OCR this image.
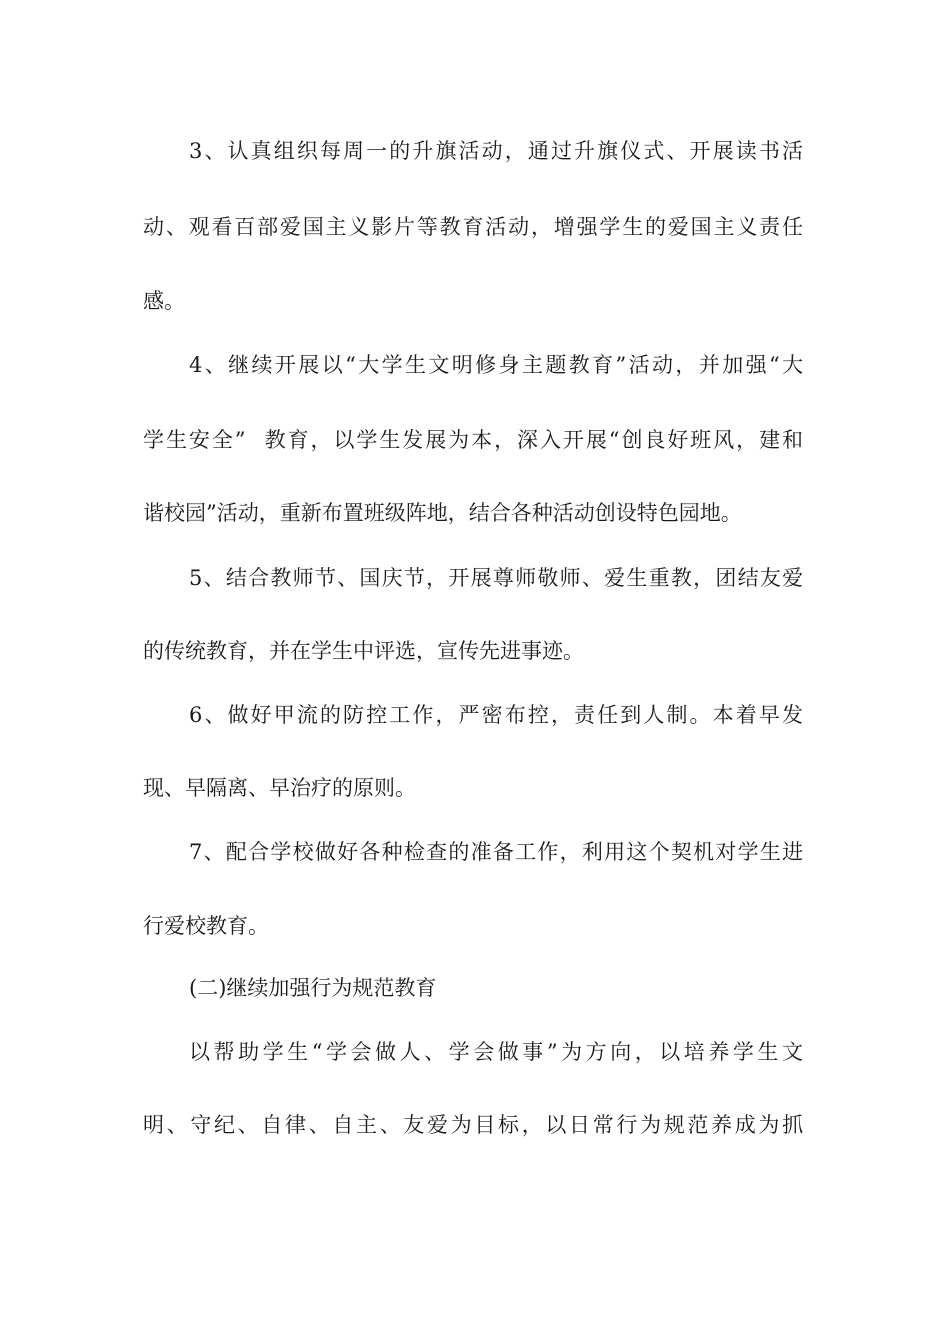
3、认真组织每周一的升旗活动，通过升旗仪式、开展读书活
动、观看百部爱国主义影片等教育活动，增强学生的爱国主义责任
感。
4、继续开展以“大学生文明修身主题教育”活动，并加强“大
学生安全”  教育，以学生发展为本，深入开展“创良好班风，建和
谐校园”活动，重新布置班级阵地，结合各种活动创设特色园地。
5、结合教师节、国庆节，开展尊师敬师、爱生重教，团结友爱
的传统教育，并在学生中评选，宣传先进事迹。
6、做好甲流的防控工作，严密布控，责任到人制。本着早发
现、早隔离、早治疗的原则。
7、配合学校做好各种检查的准备工作，利用这个契机对学生进
行爱校教育。
(二)继续加强行为规范教育
以帮助学生“学会做人、学会做事”为方向，以培养学生文
明、守纪、自律、自主、友爱为目标，以日常行为规范养成为抓
